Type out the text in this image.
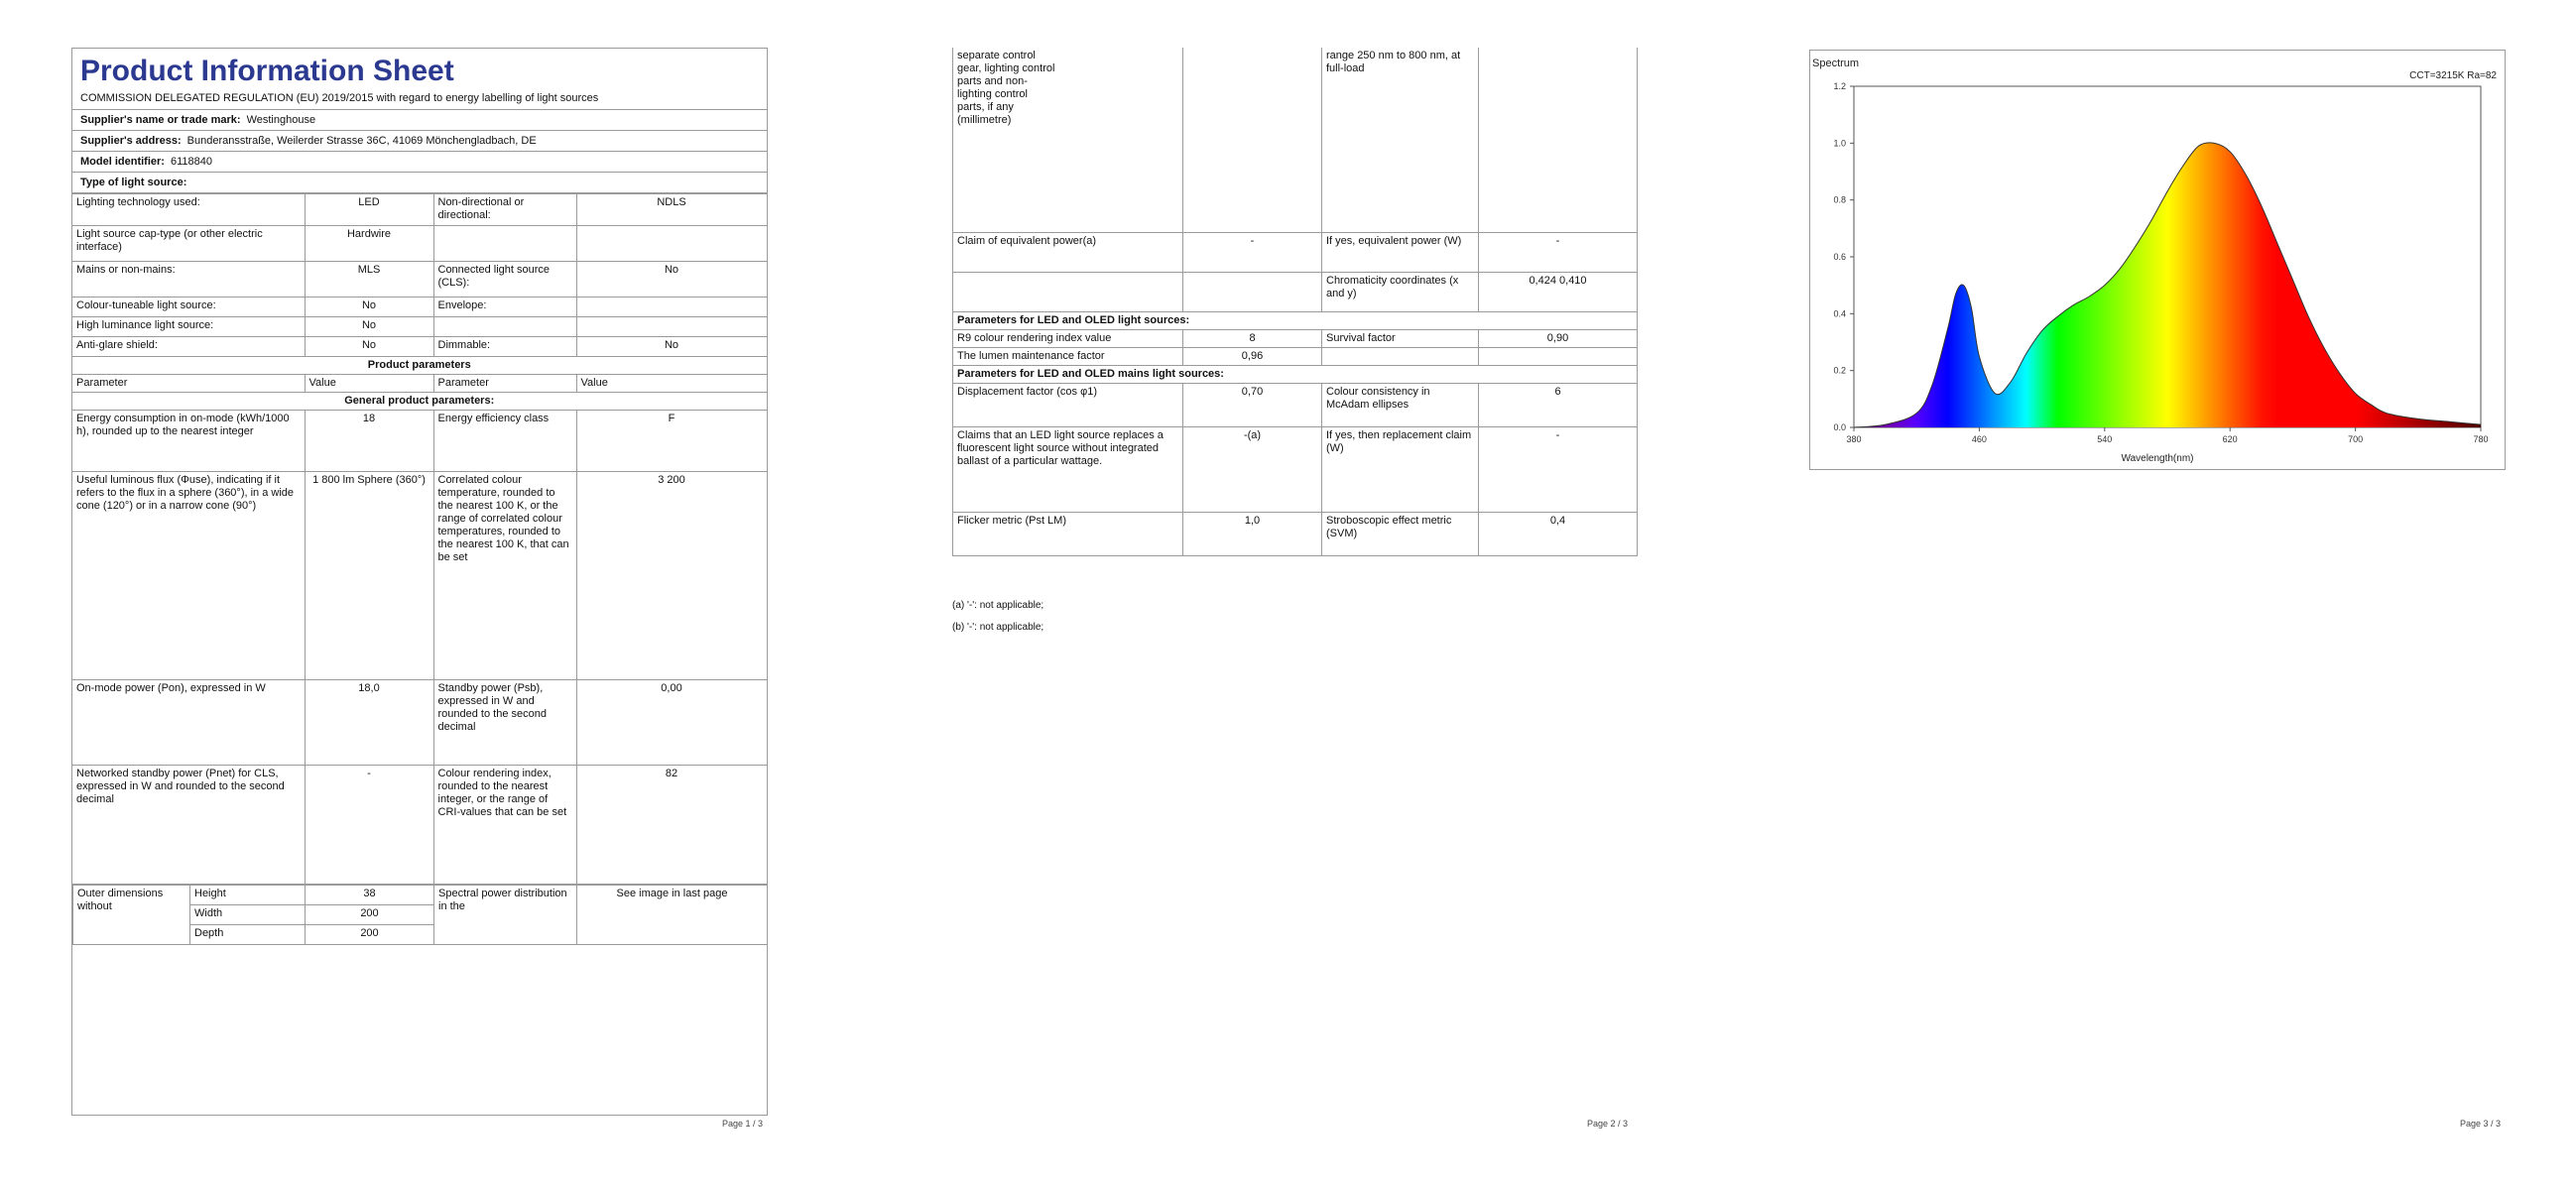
Product Information Sheet
COMMISSION DELEGATED REGULATION (EU) 2019/2015 with regard to energy labelling of light sources
Supplier's name or trade mark: Westinghouse
Supplier's address: Bunderansstraße, Weilerder Strasse 36C, 41069 Mönchengladbach, DE
Model identifier: 6118840
Type of light source:
Lighting technology used:	LED	Non-directional or directional:	NDLS
Light source cap-type (or other electric interface)	Hardwire		
Mains or non-mains:	MLS	Connected light source (CLS):	No
Colour-tuneable light source:	No	Envelope:	
High luminance light source:	No		
Anti-glare shield:	No	Dimmable:	No
Product parameters			
Parameter	Value	Parameter	Value
General product parameters:			
Energy consumption in on-mode (kWh/1000 h), rounded up to the nearest integer	18	Energy efficiency class	F
Useful luminous flux (Φuse), indicating if it refers to the flux in a sphere (360°), in a wide cone (120°) or in a narrow cone (90°)	1 800 lm Sphere (360°)	Correlated colour temperature, rounded to the nearest 100 K, or the range of correlated colour temperatures, rounded to the nearest 100 K, that can be set	3 200
On-mode power (Pon), expressed in W	18,0	Standby power (Psb), expressed in W and rounded to the second decimal	0,00
Networked standby power (Pnet) for CLS, expressed in W and rounded to the second decimal	-	Colour rendering index, rounded to the nearest integer, or the range of CRI-values that can be set	82
Outer dimensions without	Height	38	Spectral power distribution in the	See image in last page
	Width	200		
	Depth	200		
Page 1 / 3
separate control gear, lighting control parts and non-lighting control parts, if any (millimetre)		range 250 nm to 800 nm, at full-load	
Claim of equivalent power(a)	-	If yes, equivalent power (W)	-
		Chromaticity coordinates (x and y)	0,424 0,410
Parameters for LED and OLED light sources:			
R9 colour rendering index value	8	Survival factor	0,90
The lumen maintenance factor	0,96		
Parameters for LED and OLED mains light sources:			
Displacement factor (cos φ1)	0,70	Colour consistency in McAdam ellipses	6
Claims that an LED light source replaces a fluorescent light source without integrated ballast of a particular wattage.	-(a)	If yes, then replacement claim (W)	-
Flicker metric (Pst LM)	1,0	Stroboscopic effect metric (SVM)	0,4
(a) '-': not applicable;
(b) '-': not applicable;
Page 2 / 3
Spectrum
CCT=3215K Ra=82
0.0
0.2
0.4
0.6
0.8
1.0
1.2
380	460	540	620	700	780
Wavelength(nm)
Page 3 / 3
